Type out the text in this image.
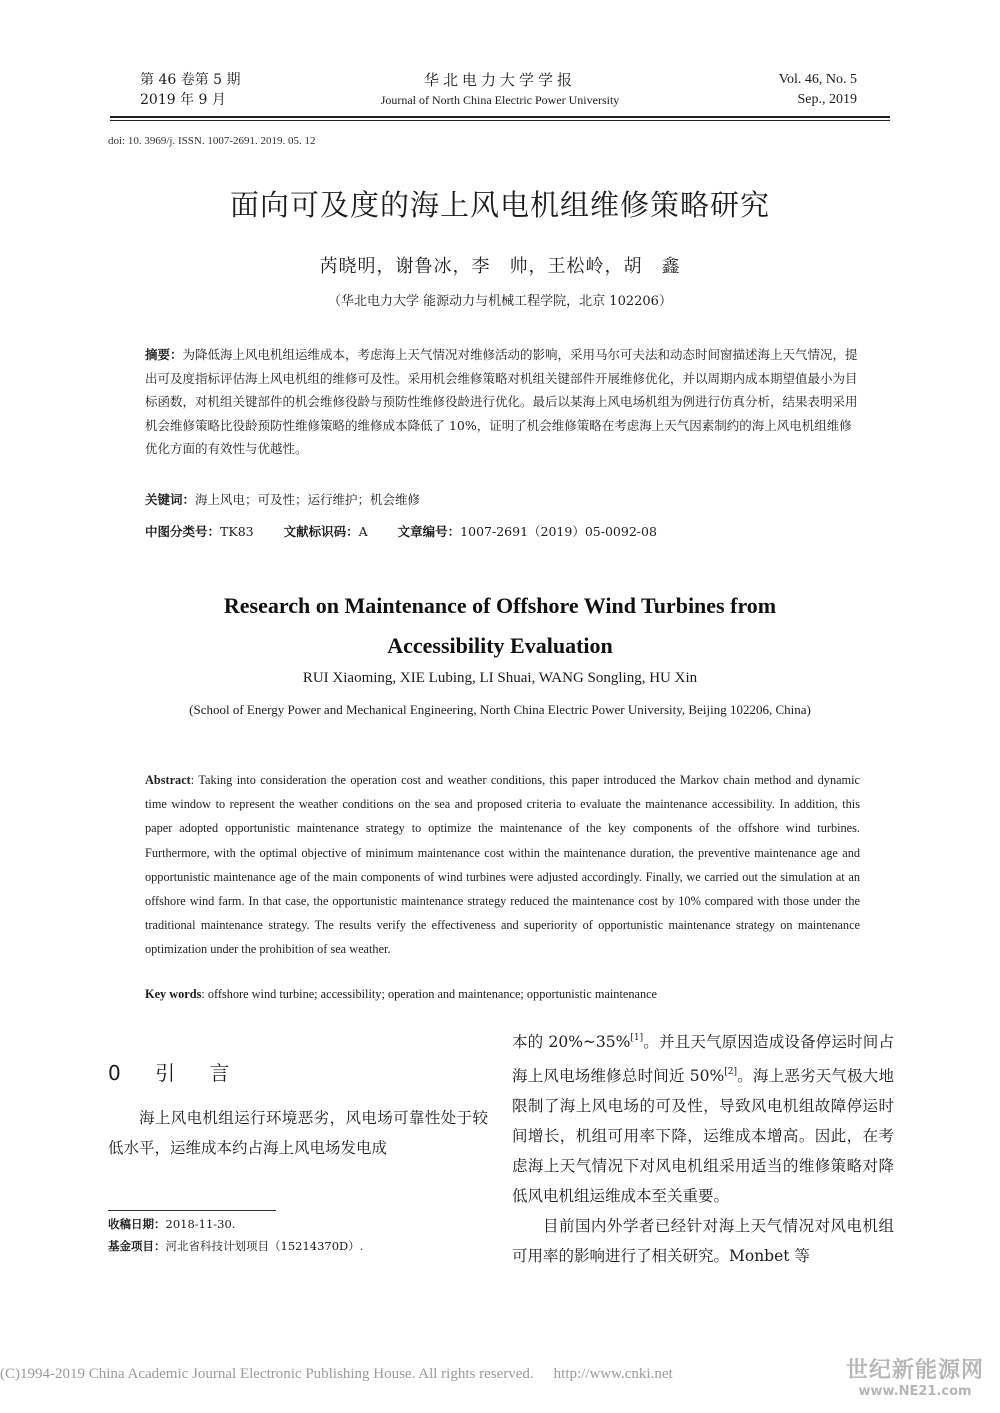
第 46 卷第 5 期
2019 年 9 月
华北电力大学学报
Journal of North China Electric Power University
Vol. 46, No. 5
Sep., 2019
doi: 10. 3969/j. ISSN. 1007-2691. 2019. 05. 12
面向可及度的海上风电机组维修策略研究
芮晓明，谢鲁冰，李　帅，王松岭，胡　鑫
（华北电力大学 能源动力与机械工程学院，北京 102206）
摘要：为降低海上风电机组运维成本，考虑海上天气情况对维修活动的影响，采用马尔可夫法和动态时间窗描述海上天气情况，提出可及度指标评估海上风电机组的维修可及性。采用机会维修策略对机组关键部件开展维修优化，并以周期内成本期望值最小为目标函数，对机组关键部件的机会维修役龄与预防性维修役龄进行优化。最后以某海上风电场机组为例进行仿真分析，结果表明采用机会维修策略比役龄预防性维修策略的维修成本降低了 10%，证明了机会维修策略在考虑海上天气因素制约的海上风电机组维修优化方面的有效性与优越性。
关键词：海上风电；可及性；运行维护；机会维修
中图分类号：TK83 文献标识码：A 文章编号：1007-2691（2019）05-0092-08
Research on Maintenance of Offshore Wind Turbines from
Accessibility Evaluation
RUI Xiaoming, XIE Lubing, LI Shuai, WANG Songling, HU Xin
(School of Energy Power and Mechanical Engineering, North China Electric Power University, Beijing 102206, China)
Abstract: Taking into consideration the operation cost and weather conditions, this paper introduced the Markov chain method and dynamic time window to represent the weather conditions on the sea and proposed criteria to evaluate the maintenance accessibility. In addition, this paper adopted opportunistic maintenance strategy to optimize the maintenance of the key components of the offshore wind turbines. Furthermore, with the optimal objective of minimum maintenance cost within the maintenance duration, the preventive maintenance age and opportunistic maintenance age of the main components of wind turbines were adjusted accordingly. Finally, we carried out the simulation at an offshore wind farm. In that case, the opportunistic maintenance strategy reduced the maintenance cost by 10% compared with those under the traditional maintenance strategy. The results verify the effectiveness and superiority of opportunistic maintenance strategy on maintenance optimization under the prohibition of sea weather.
Key words: offshore wind turbine; accessibility; operation and maintenance; opportunistic maintenance
0 引 言
海上风电机组运行环境恶劣，风电场可靠性处于较低水平，运维成本约占海上风电场发电成

本的 20%~35%[1]。并且天气原因造成设备停运时间占海上风电场维修总时间近 50%[2]。海上恶劣天气极大地限制了海上风电场的可及性，导致风电机组故障停运时间增长，机组可用率下降，运维成本增高。因此，在考虑海上天气情况下对风电机组采用适当的维修策略对降低风电机组运维成本至关重要。

目前国内外学者已经针对海上天气情况对风电机组可用率的影响进行了相关研究。Monbet 等

收稿日期：2018-11-30.
基金项目：河北省科技计划项目（15214370D）.
(C)1994-2019 China Academic Journal Electronic Publishing House. All rights reserved. http://www.cnki.net	世纪新能源网
www.NE21.com
